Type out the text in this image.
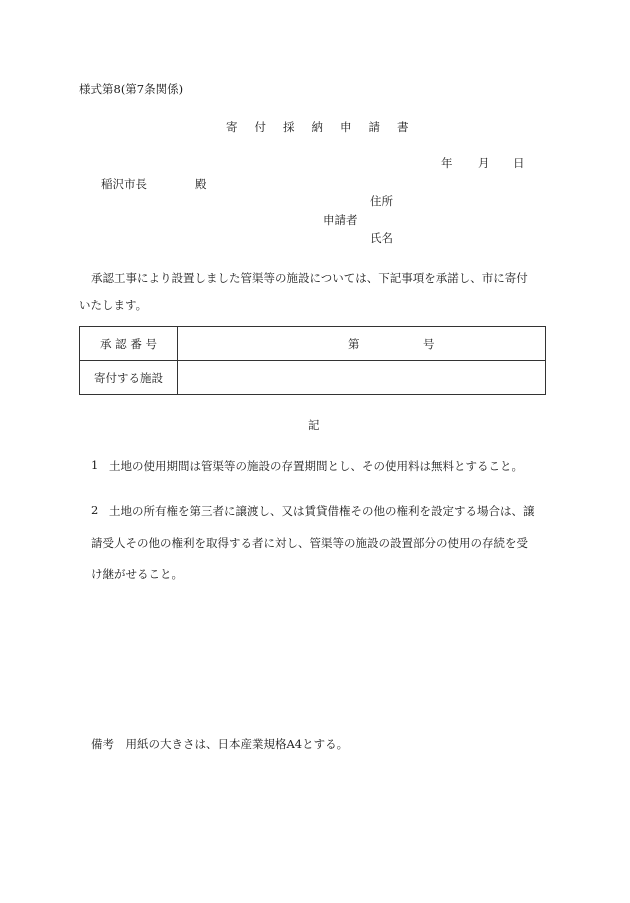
様式第8(第7条関係)
寄付採納申請書
年 月 日
稲沢市長	殿
住所
申請者
氏名
承認工事により設置しました管渠等の施設については、下記事項を承諾し、市に寄付
いたします。
承 認 番 号	第 号

寄付する施設	
記
1 土地の使用期間は管渠等の施設の存置期間とし、その使用料は無料とすること。
2 土地の所有権を第三者に譲渡し、又は賃貸借権その他の権利を設定する場合は、譲
請受人その他の権利を取得する者に対し、管渠等の施設の設置部分の使用の存続を受
け継がせること。
備考　用紙の大きさは、日本産業規格A4とする。
